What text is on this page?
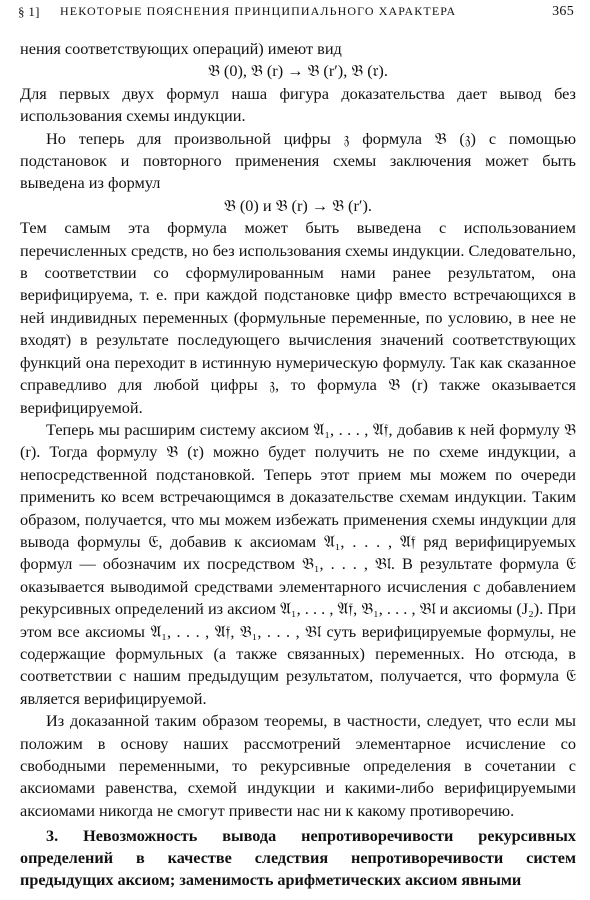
§ 1] НЕКОТОРЫЕ ПОЯСНЕНИЯ ПРИНЦИПИАЛЬНОГО ХАРАКТЕРА	365

нения соответствующих операций) имеют вид

𝔅 (0), 𝔅 (r) → 𝔅 (r′), 𝔅 (𝔯).

Для первых двух формул наша фигура доказательства дает вывод без использования схемы индукции.

Но теперь для произвольной цифры 𝔷 формула 𝔅 (𝔷) с помощью подстановок и повторного применения схемы заключения может быть выведена из формул

𝔅 (0) и 𝔅 (r) → 𝔅 (r′).

Тем самым эта формула может быть выведена с использованием перечисленных средств, но без использования схемы индукции. Следовательно, в соответствии со сформулированным нами ранее результатом, она верифицируема, т. е. при каждой подстановке цифр вместо встречающихся в ней индивидных переменных (формульные переменные, по условию, в нее не входят) в результате последующего вычисления значений соответствующих функций она переходит в истинную нумерическую формулу. Так как сказанное справедливо для любой цифры 𝔷, то формула 𝔅 (r) также оказывается верифицируемой.

Теперь мы расширим систему аксиом 𝔄₁, . . . , 𝔄𝔣, добавив к ней формулу 𝔅 (r). Тогда формулу 𝔅 (𝔯) можно будет получить не по схеме индукции, а непосредственной подстановкой. Теперь этот прием мы можем по очереди применить ко всем встречающимся в доказательстве схемам индукции. Таким образом, получается, что мы можем избежать применения схемы индукции для вывода формулы 𝔈, добавив к аксиомам 𝔄₁, . . . , 𝔄𝔣 ряд верифицируемых формул — обозначим их посредством 𝔅₁, . . . , 𝔅𝔩. В результате формула 𝔈 оказывается выводимой средствами элементарного исчисления с добавлением рекурсивных определений из аксиом 𝔄₁, . . . , 𝔄𝔣, 𝔅₁, . . . , 𝔅𝔩 и аксиомы (J₂). При этом все аксиомы 𝔄₁, . . . , 𝔄𝔣, 𝔅₁, . . . , 𝔅𝔩 суть верифицируемые формулы, не содержащие формульных (а также связанных) переменных. Но отсюда, в соответствии с нашим предыдущим результатом, получается, что формула 𝔈 является верифицируемой.

Из доказанной таким образом теоремы, в частности, следует, что если мы положим в основу наших рассмотрений элементарное исчисление со свободными переменными, то рекурсивные определения в сочетании с аксиомами равенства, схемой индукции и какими-либо верифицируемыми аксиомами никогда не смогут привести нас ни к какому противоречию.

3. Невозможность вывода непротиворечивости рекурсивных определений в качестве следствия непротиворечивости систем предыдущих аксиом; заменимость арифметических аксиом явными
